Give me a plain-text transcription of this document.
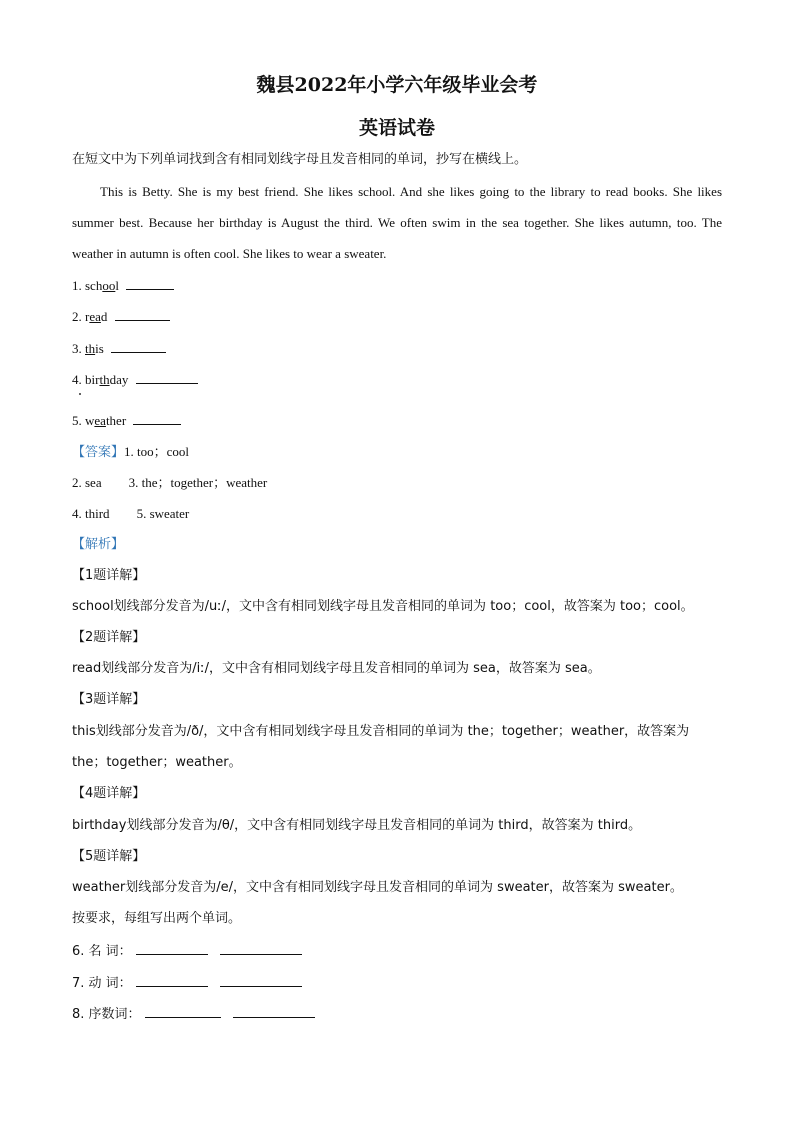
魏县2022年小学六年级毕业会考
英语试卷
在短文中为下列单词找到含有相同划线字母且发音相同的单词，抄写在横线上。
This is Betty. She is my best friend. She likes school. And she likes going to the library to read books. She likes summer best. Because her birthday is August the third. We often swim in the sea together. She likes autumn, too. The weather in autumn is often cool. She likes to wear a sweater.
1. school
2. read
3. this
4. birthday
5. weather
【答案】1. too；cool
2. sea 3. the；together；weather
4. third 5. sweater
【解析】
【1题详解】
school划线部分发音为/uː/，文中含有相同划线字母且发音相同的单词为 too；cool，故答案为 too；cool。
【2题详解】
read划线部分发音为/iː/，文中含有相同划线字母且发音相同的单词为 sea，故答案为 sea。
【3题详解】
this划线部分发音为/ð/，文中含有相同划线字母且发音相同的单词为 the；together；weather，故答案为
the；together；weather。
【4题详解】
birthday划线部分发音为/θ/，文中含有相同划线字母且发音相同的单词为 third，故答案为 third。
【5题详解】
weather划线部分发音为/e/，文中含有相同划线字母且发音相同的单词为 sweater，故答案为 sweater。
按要求，每组写出两个单词。
6. 名 词：
7. 动 词：
8. 序数词：
